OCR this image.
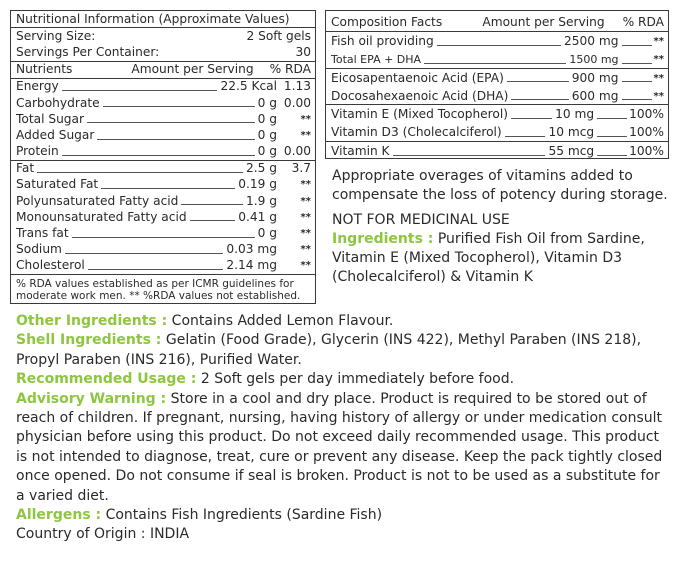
Nutritional Information (Approximate Values)
Serving Size:	2 Soft gels
Servings Per Container:	30
Nutrients	Amount per Serving % RDA
Energy	22.5 Kcal 1.13
Carbohydrate	0 g 0.00
Total Sugar	0 g	**
Added Sugar	0 g	**
Protein	0 g 0.00
Fat	2.5 g	3.7
Saturated Fat	0.19 g	**
Polyunsaturated Fatty acid	1.9 g	**
Monounsaturated Fatty acid	0.41 g	**
Trans fat	0 g	**
Sodium	0.03 mg	**
Cholesterol	2.14 mg	**
% RDA values established as per ICMR guidelines for moderate work men. ** %RDA values not established.
Composition Facts	Amount per Serving % RDA
Fish oil providing	2500 mg	**
Total EPA + DHA	1500 mg	**
Eicosapentaenoic Acid (EPA)	900 mg	**
Docosahexaenoic Acid (DHA)	600 mg	**
Vitamin E (Mixed Tocopherol)	10 mg	100%
Vitamin D3 (Cholecalciferol)	10 mcg	100%
Vitamin K	55 mcg	100%

Appropriate overages of vitamins added to compensate the loss of potency during storage.

NOT FOR MEDICINAL USE

Ingredients : Purified Fish Oil from Sardine, Vitamin E (Mixed Tocopherol), Vitamin D3 (Cholecalciferol) & Vitamin K

Other Ingredients : Contains Added Lemon Flavour.

Shell Ingredients : Gelatin (Food Grade), Glycerin (INS 422), Methyl Paraben (INS 218), Propyl Paraben (INS 216), Purified Water.

Recommended Usage : 2 Soft gels per day immediately before food.

Advisory Warning : Store in a cool and dry place. Product is required to be stored out of reach of children. If pregnant, nursing, having history of allergy or under medication consult physician before using this product. Do not exceed daily recommended usage. This product is not intended to diagnose, treat, cure or prevent any disease. Keep the pack tightly closed once opened. Do not consume if seal is broken. Product is not to be used as a substitute for a varied diet.

Allergens : Contains Fish Ingredients (Sardine Fish)

Country of Origin : INDIA
